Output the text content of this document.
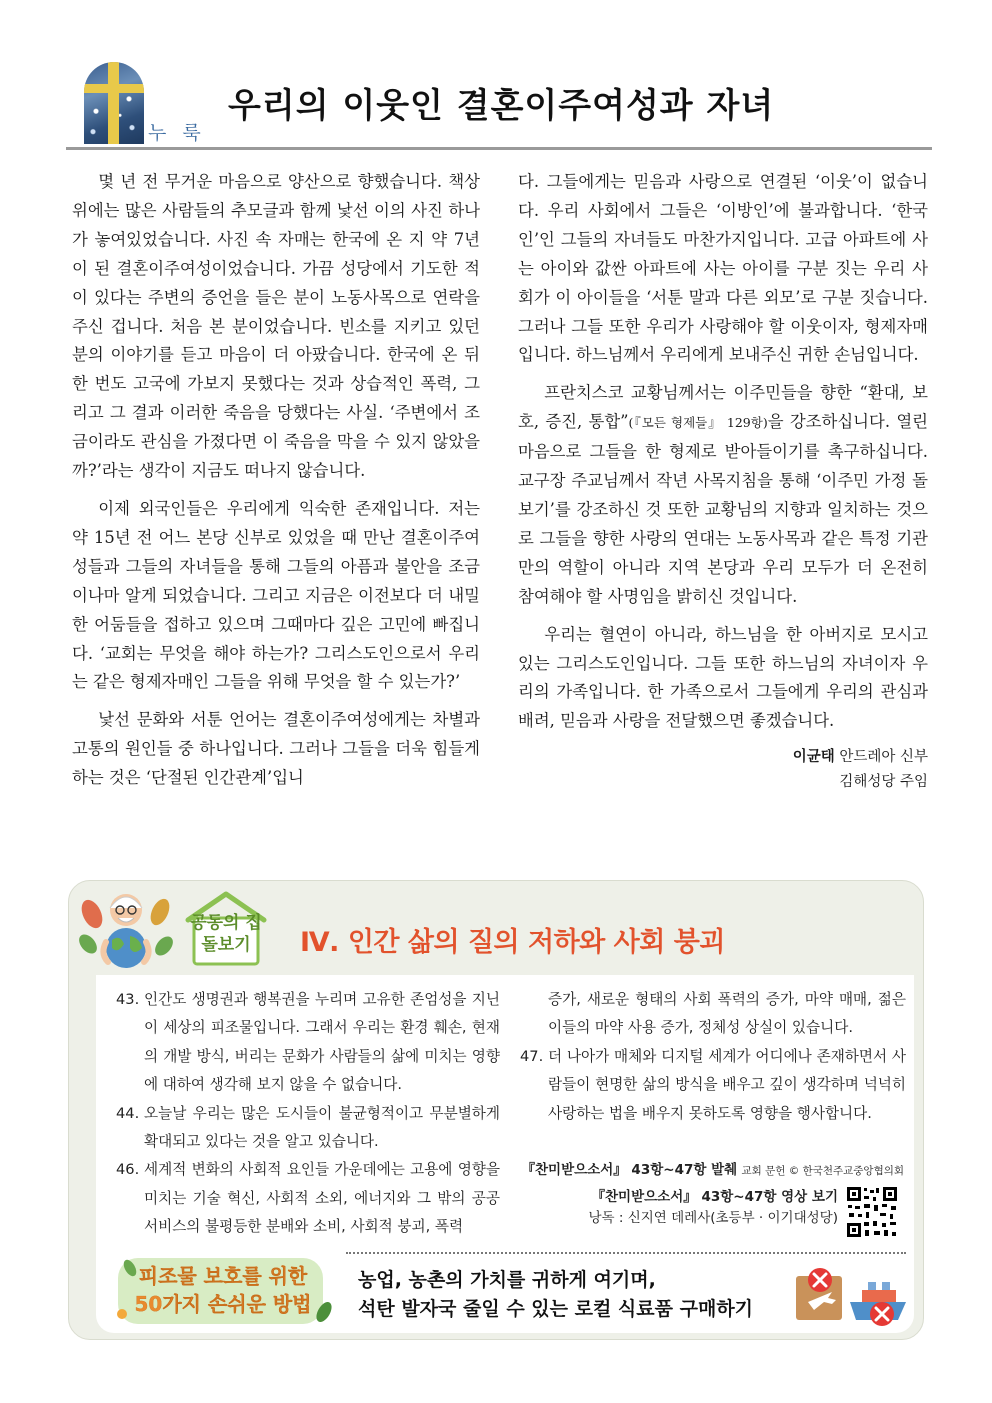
누 룩
우리의 이웃인 결혼이주여성과 자녀

몇 년 전 무거운 마음으로 양산으로 향했습니다. 책상 위에는 많은 사람들의 추모글과 함께 낯선 이의 사진 하나가 놓여있었습니다. 사진 속 자매는 한국에 온 지 약 7년이 된 결혼이주여성이었습니다. 가끔 성당에서 기도한 적이 있다는 주변의 증언을 들은 분이 노동사목으로 연락을 주신 겁니다. 처음 본 분이었습니다. 빈소를 지키고 있던 분의 이야기를 듣고 마음이 더 아팠습니다. 한국에 온 뒤 한 번도 고국에 가보지 못했다는 것과 상습적인 폭력, 그리고 그 결과 이러한 죽음을 당했다는 사실. ‘주변에서 조금이라도 관심을 가졌다면 이 죽음을 막을 수 있지 않았을까?’라는 생각이 지금도 떠나지 않습니다.

이제 외국인들은 우리에게 익숙한 존재입니다. 저는 약 15년 전 어느 본당 신부로 있었을 때 만난 결혼이주여성들과 그들의 자녀들을 통해 그들의 아픔과 불안을 조금이나마 알게 되었습니다. 그리고 지금은 이전보다 더 내밀한 어둠들을 접하고 있으며 그때마다 깊은 고민에 빠집니다. ‘교회는 무엇을 해야 하는가? 그리스도인으로서 우리는 같은 형제자매인 그들을 위해 무엇을 할 수 있는가?’

낯선 문화와 서툰 언어는 결혼이주여성에게는 차별과 고통의 원인들 중 하나입니다. 그러나 그들을 더욱 힘들게 하는 것은 ‘단절된 인간관계’입니

다. 그들에게는 믿음과 사랑으로 연결된 ‘이웃’이 없습니다. 우리 사회에서 그들은 ‘이방인’에 불과합니다. ‘한국인’인 그들의 자녀들도 마찬가지입니다. 고급 아파트에 사는 아이와 값싼 아파트에 사는 아이를 구분 짓는 우리 사회가 이 아이들을 ‘서툰 말과 다른 외모’로 구분 짓습니다. 그러나 그들 또한 우리가 사랑해야 할 이웃이자, 형제자매입니다. 하느님께서 우리에게 보내주신 귀한 손님입니다.

프란치스코 교황님께서는 이주민들을 향한 “환대, 보호, 증진, 통합”(『모든 형제들』 129항)을 강조하십니다. 열린 마음으로 그들을 한 형제로 받아들이기를 촉구하십니다. 교구장 주교님께서 작년 사목지침을 통해 ‘이주민 가정 돌보기’를 강조하신 것 또한 교황님의 지향과 일치하는 것으로 그들을 향한 사랑의 연대는 노동사목과 같은 특정 기관만의 역할이 아니라 지역 본당과 우리 모두가 더 온전히 참여해야 할 사명임을 밝히신 것입니다.

우리는 혈연이 아니라, 하느님을 한 아버지로 모시고 있는 그리스도인입니다. 그들 또한 하느님의 자녀이자 우리의 가족입니다. 한 가족으로서 그들에게 우리의 관심과 배려, 믿음과 사랑을 전달했으면 좋겠습니다.

이균태 안드레아 신부
김해성당 주임
공동의 집
돌보기	Ⅳ. 인간 삶의 질의 저하와 사회 붕괴
43. 인간도 생명권과 행복권을 누리며 고유한 존엄성을 지닌 이 세상의 피조물입니다. 그래서 우리는 환경 훼손, 현재의 개발 방식, 버리는 문화가 사람들의 삶에 미치는 영향에 대하여 생각해 보지 않을 수 없습니다.
44. 오늘날 우리는 많은 도시들이 불균형적이고 무분별하게 확대되고 있다는 것을 알고 있습니다.
46. 세계적 변화의 사회적 요인들 가운데에는 고용에 영향을 미치는 기술 혁신, 사회적 소외, 에너지와 그 밖의 공공 서비스의 불평등한 분배와 소비, 사회적 붕괴, 폭력
증가, 새로운 형태의 사회 폭력의 증가, 마약 매매, 젊은이들의 마약 사용 증가, 정체성 상실이 있습니다.
47. 더 나아가 매체와 디지털 세계가 어디에나 존재하면서 사람들이 현명한 삶의 방식을 배우고 깊이 생각하며 넉넉히 사랑하는 법을 배우지 못하도록 영향을 행사합니다.
『찬미받으소서』 43항~47항 발췌 교회 문헌 © 한국천주교중앙협의회
『찬미받으소서』 43항~47항 영상 보기
낭독 : 신지연 데레사(초등부 · 이기대성당)
피조물 보호를 위한
50가지 손쉬운 방법
농업, 농촌의 가치를 귀하게 여기며,
석탄 발자국 줄일 수 있는 로컬 식료품 구매하기
